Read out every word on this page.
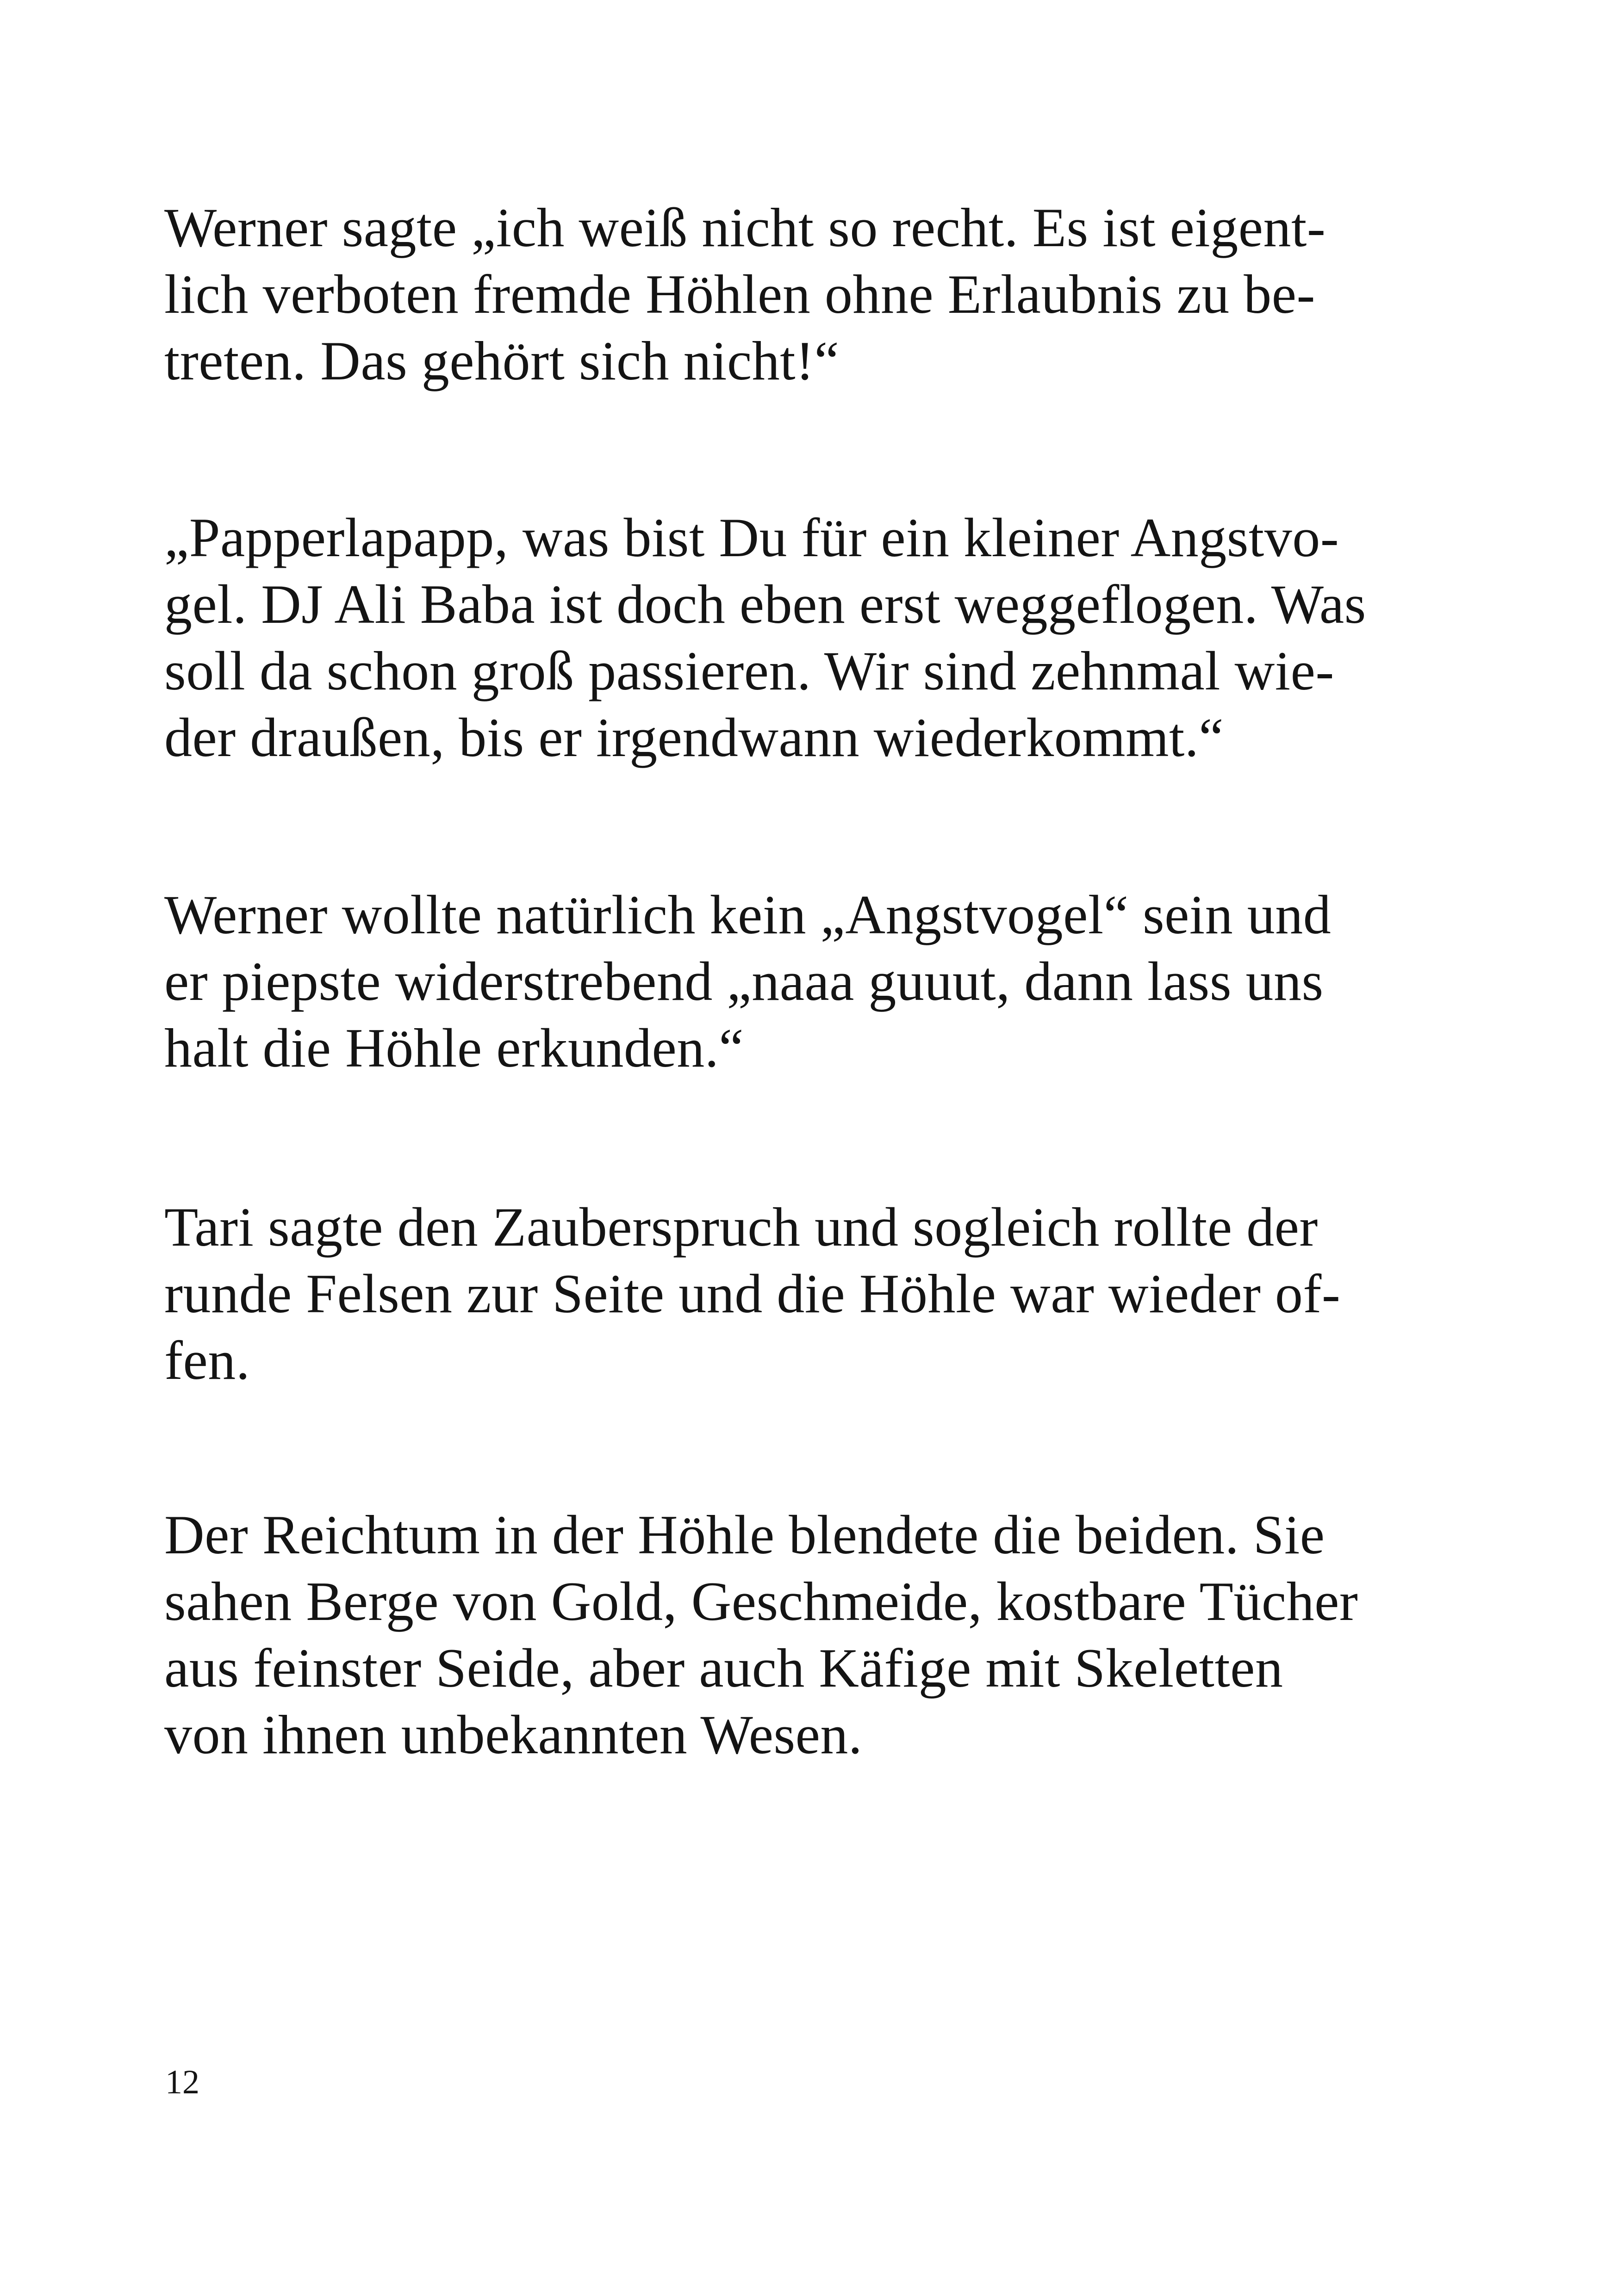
Werner sagte „ich weiß nicht so recht. Es ist eigent-
lich verboten fremde Höhlen ohne Erlaubnis zu be-
treten. Das gehört sich nicht!“

„Papperlapapp, was bist Du für ein kleiner Angstvo-
gel. DJ Ali Baba ist doch eben erst weggeflogen. Was
soll da schon groß passieren. Wir sind zehnmal wie-
der draußen, bis er irgendwann wiederkommt.“

Werner wollte natürlich kein „Angstvogel“ sein und
er piepste widerstrebend „naaa guuut, dann lass uns
halt die Höhle erkunden.“

Tari sagte den Zauberspruch und sogleich rollte der
runde Felsen zur Seite und die Höhle war wieder of-
fen.

Der Reichtum in der Höhle blendete die beiden. Sie
sahen Berge von Gold, Geschmeide, kostbare Tücher
aus feinster Seide, aber auch Käfige mit Skeletten
von ihnen unbekannten Wesen.

12
